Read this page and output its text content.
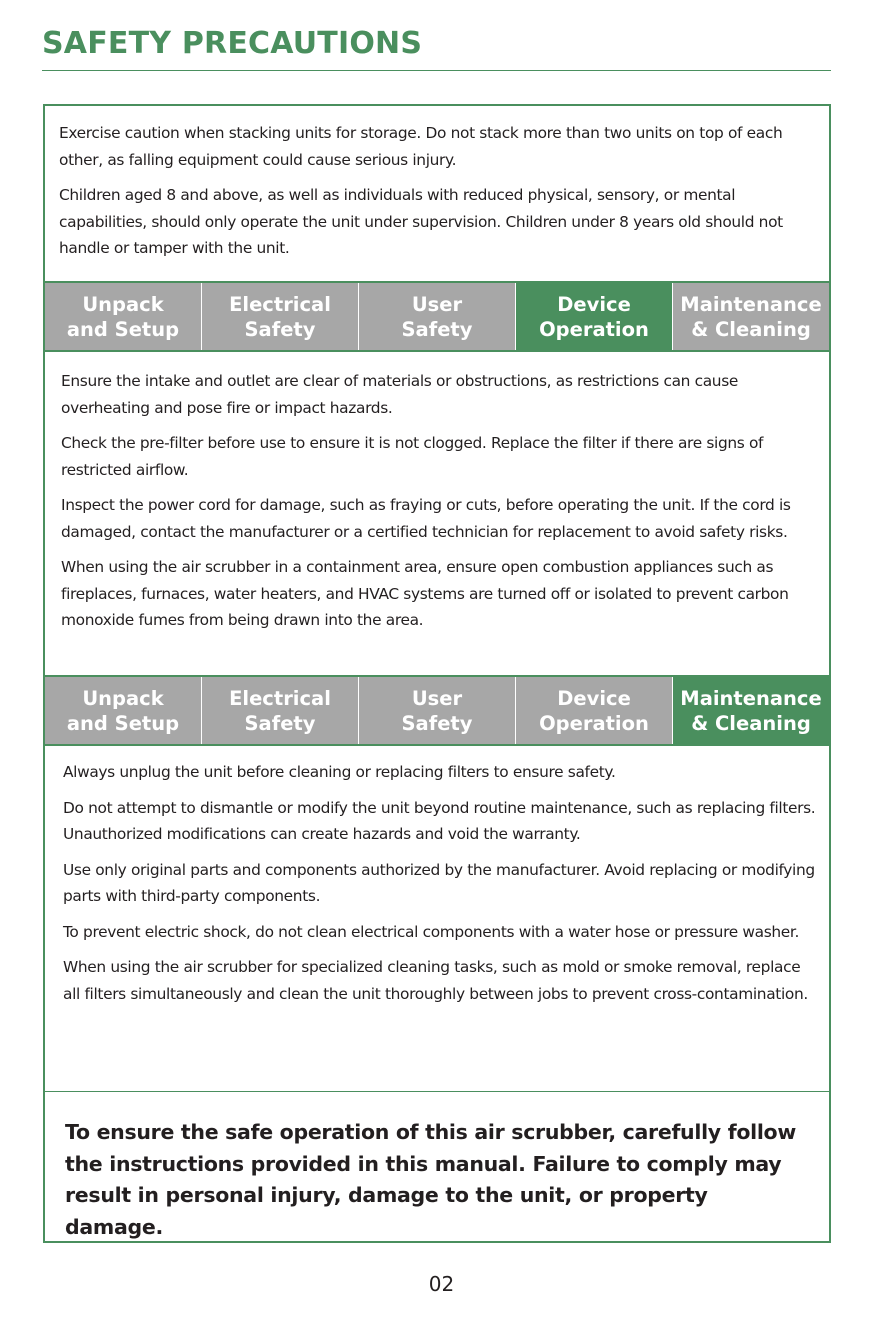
SAFETY PRECAUTIONS

Exercise caution when stacking units for storage. Do not stack more than two units on top of each other, as falling equipment could cause serious injury.

Children aged 8 and above, as well as individuals with reduced physical, sensory, or mental capabilities, should only operate the unit under supervision. Children under 8 years old should not handle or tamper with the unit.

Unpack
and Setup
Electrical
Safety
User
Safety
Device
Operation
Maintenance
& Cleaning

Ensure the intake and outlet are clear of materials or obstructions, as restrictions can cause overheating and pose fire or impact hazards.

Check the pre-filter before use to ensure it is not clogged. Replace the filter if there are signs of restricted airflow.

Inspect the power cord for damage, such as fraying or cuts, before operating the unit. If the cord is damaged, contact the manufacturer or a certified technician for replacement to avoid safety risks.

When using the air scrubber in a containment area, ensure open combustion appliances such as fireplaces, furnaces, water heaters, and HVAC systems are turned off or isolated to prevent carbon monoxide fumes from being drawn into the area.

Unpack
and Setup
Electrical
Safety
User
Safety
Device
Operation
Maintenance
& Cleaning

Always unplug the unit before cleaning or replacing filters to ensure safety.

Do not attempt to dismantle or modify the unit beyond routine maintenance, such as replacing filters. Unauthorized modifications can create hazards and void the warranty.

Use only original parts and components authorized by the manufacturer. Avoid replacing or modifying parts with third-party components.

To prevent electric shock, do not clean electrical components with a water hose or pressure washer.

When using the air scrubber for specialized cleaning tasks, such as mold or smoke removal, replace all filters simultaneously and clean the unit thoroughly between jobs to prevent cross-contamination.

To ensure the safe operation of this air scrubber, carefully follow the instructions provided in this manual. Failure to comply may result in personal injury, damage to the unit, or property damage.
02
